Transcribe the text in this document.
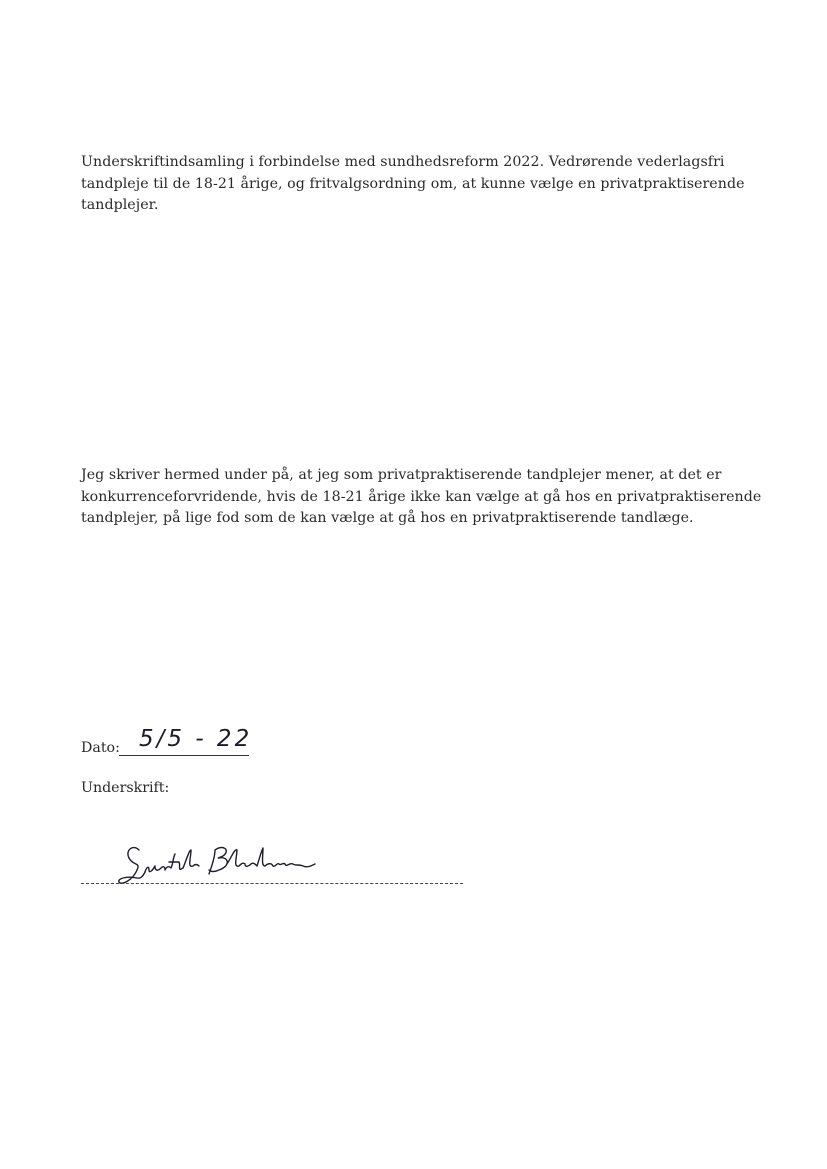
Underskriftindsamling i forbindelse med sundhedsreform 2022. Vedrørende vederlagsfri
tandpleje til de 18-21 årige, og fritvalgsordning om, at kunne vælge en privatpraktiserende
tandplejer.

Jeg skriver hermed under på, at jeg som privatpraktiserende tandplejer mener, at det er
konkurrenceforvridende, hvis de 18-21 årige ikke kan vælge at gå hos en privatpraktiserende
tandplejer, på lige fod som de kan vælge at gå hos en privatpraktiserende tandlæge.

Dato: 5/5 - 22
Underskrift:
